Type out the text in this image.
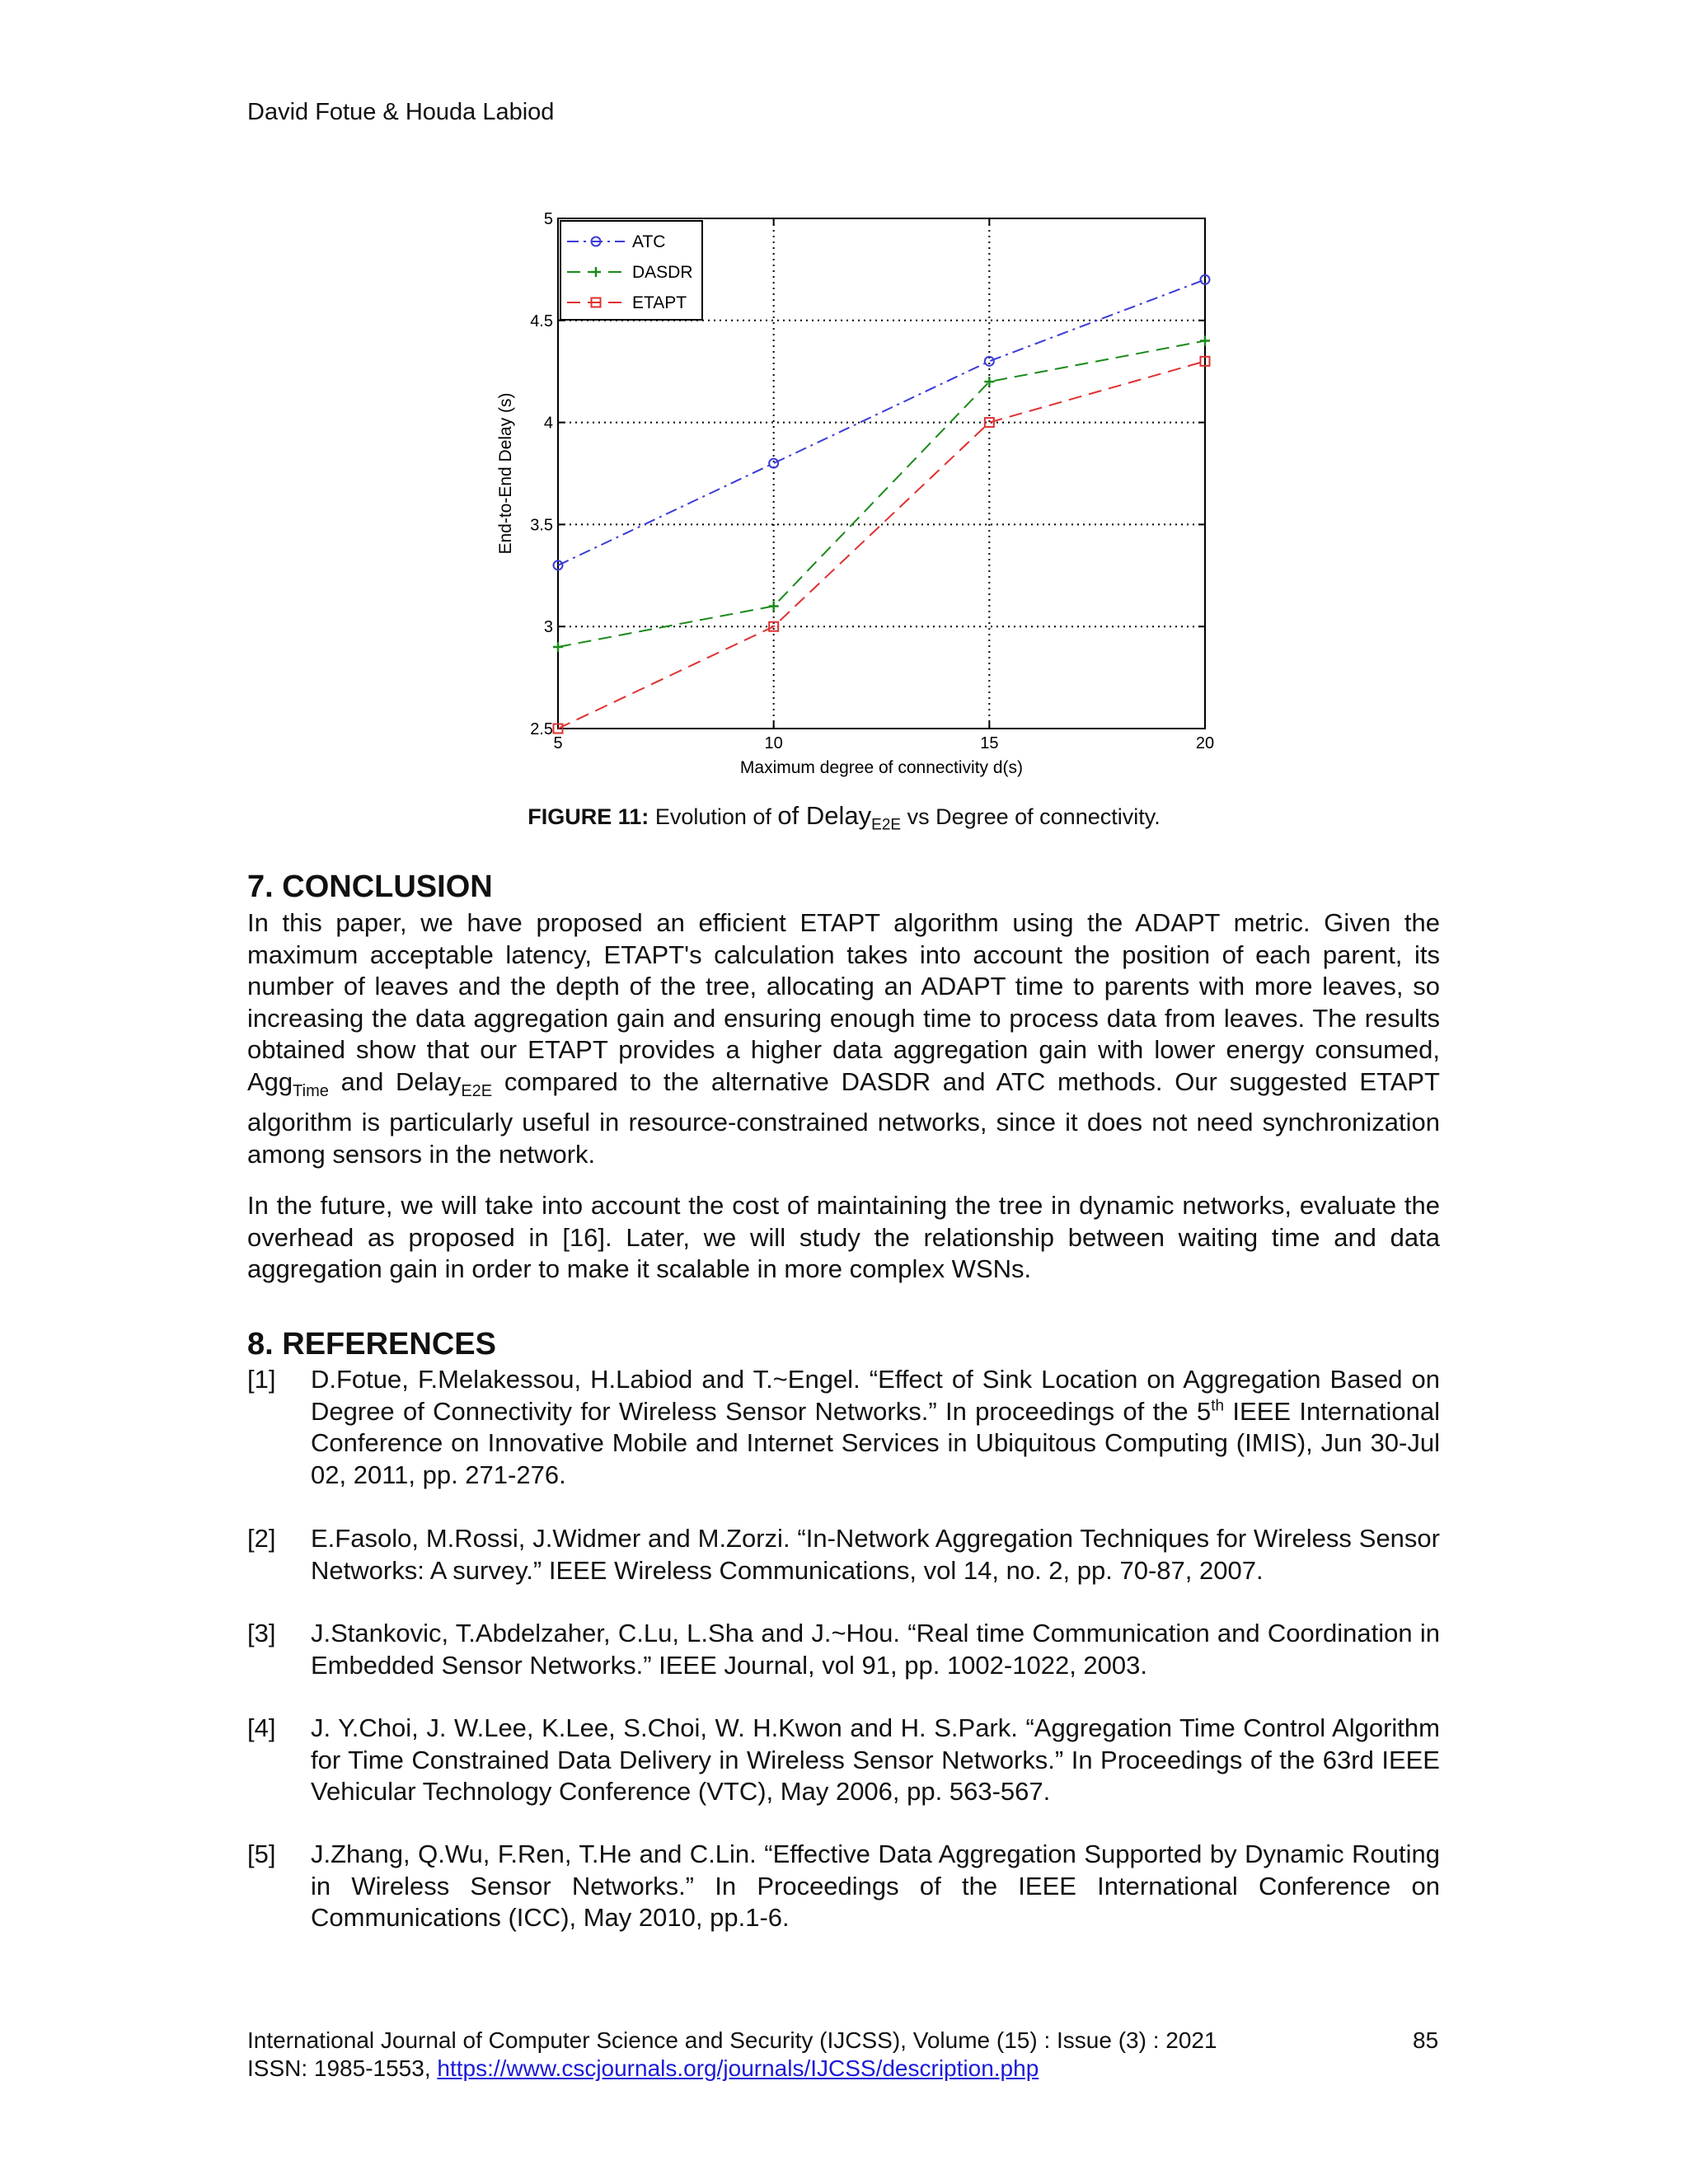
David Fotue & Houda Labiod
5	10	15	20
2.5
3
3.5
4
4.5
5
Maximum degree of connectivity d(s)
End-to-End Delay (s)
ATC
DASDR
ETAPT
FIGURE 11: Evolution of of Delay$_{E2E}$ vs Degree of connectivity.
7. CONCLUSION
In this paper, we have proposed an efficient ETAPT algorithm using the ADAPT metric. Given the maximum acceptable latency, ETAPT's calculation takes into account the position of each parent, its number of leaves and the depth of the tree, allocating an ADAPT time to parents with more leaves, so increasing the data aggregation gain and ensuring enough time to process data from leaves. The results obtained show that our ETAPT provides a higher data aggregation gain with lower energy consumed, Agg$_{Time}$ and Delay$_{E2E}$ compared to the alternative DASDR and ATC methods. Our suggested ETAPT algorithm is particularly useful in resource-constrained networks, since it does not need synchronization among sensors in the network.
In the future, we will take into account the cost of maintaining the tree in dynamic networks, evaluate the overhead as proposed in [16]. Later, we will study the relationship between waiting time and data aggregation gain in order to make it scalable in more complex WSNs.
8. REFERENCES
[1] D.Fotue, F.Melakessou, H.Labiod and T.~Engel. “Effect of Sink Location on Aggregation Based on Degree of Connectivity for Wireless Sensor Networks.” In proceedings of the 5th IEEE International Conference on Innovative Mobile and Internet Services in Ubiquitous Computing (IMIS), Jun 30-Jul 02, 2011, pp. 271-276.
[2] E.Fasolo, M.Rossi, J.Widmer and M.Zorzi. “In-Network Aggregation Techniques for Wireless Sensor Networks: A survey.” IEEE Wireless Communications, vol 14, no. 2, pp. 70-87, 2007.
[3] J.Stankovic, T.Abdelzaher, C.Lu, L.Sha and J.~Hou. “Real time Communication and Coordination in Embedded Sensor Networks.” IEEE Journal, vol 91, pp. 1002-1022, 2003.
[4] J. Y.Choi, J. W.Lee, K.Lee, S.Choi, W. H.Kwon and H. S.Park. “Aggregation Time Control Algorithm for Time Constrained Data Delivery in Wireless Sensor Networks.” In Proceedings of the 63rd IEEE Vehicular Technology Conference (VTC), May 2006, pp. 563-567.
[5] J.Zhang, Q.Wu, F.Ren, T.He and C.Lin. “Effective Data Aggregation Supported by Dynamic Routing in Wireless Sensor Networks.” In Proceedings of the IEEE International Conference on Communications (ICC), May 2010, pp.1-6.
International Journal of Computer Science and Security (IJCSS), Volume (15) : Issue (3) : 2021	85
ISSN: 1985-1553, https://www.cscjournals.org/journals/IJCSS/description.php
